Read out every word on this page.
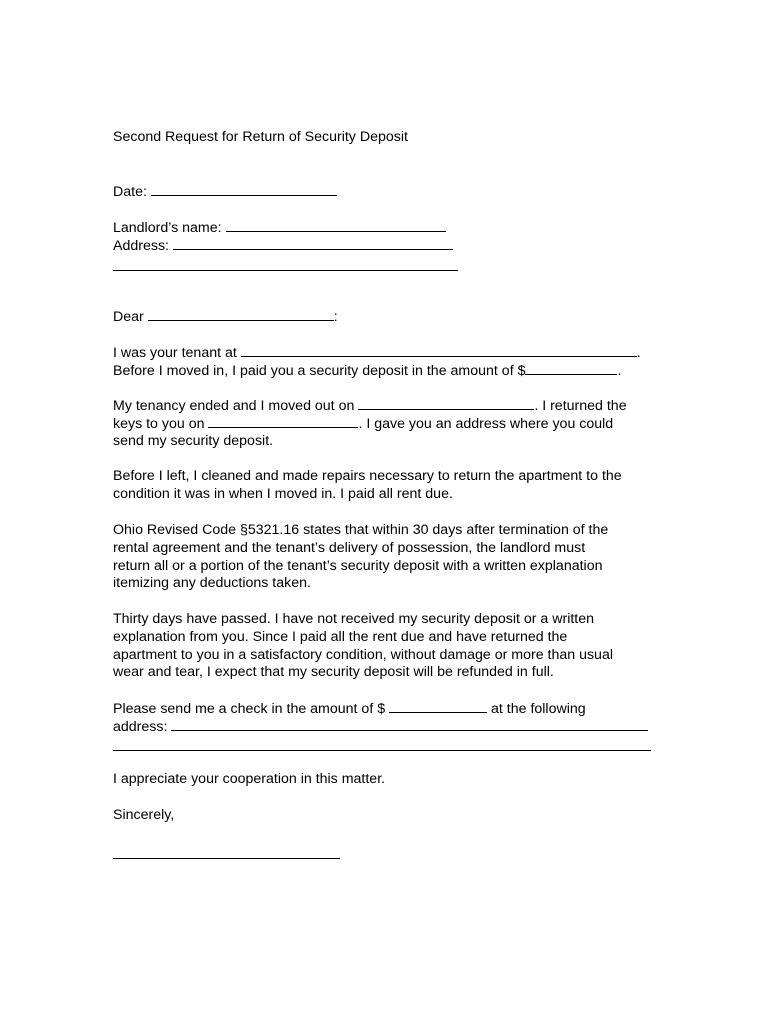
Second Request for Return of Security Deposit
Date:
Landlord’s name:
Address:
Dear	:
I was your tenant at	.
Before I moved in, I paid you a security deposit in the amount of $	.
My tenancy ended and I moved out on	. I returned the
keys to you on	. I gave you an address where you could
send my security deposit.
Before I left, I cleaned and made repairs necessary to return the apartment to the
condition it was in when I moved in. I paid all rent due.
Ohio Revised Code §5321.16 states that within 30 days after termination of the
rental agreement and the tenant’s delivery of possession, the landlord must
return all or a portion of the tenant’s security deposit with a written explanation
itemizing any deductions taken.
Thirty days have passed. I have not received my security deposit or a written
explanation from you. Since I paid all the rent due and have returned the
apartment to you in a satisfactory condition, without damage or more than usual
wear and tear, I expect that my security deposit will be refunded in full.
Please send me a check in the amount of $	at the following
address:
I appreciate your cooperation in this matter.
Sincerely,
